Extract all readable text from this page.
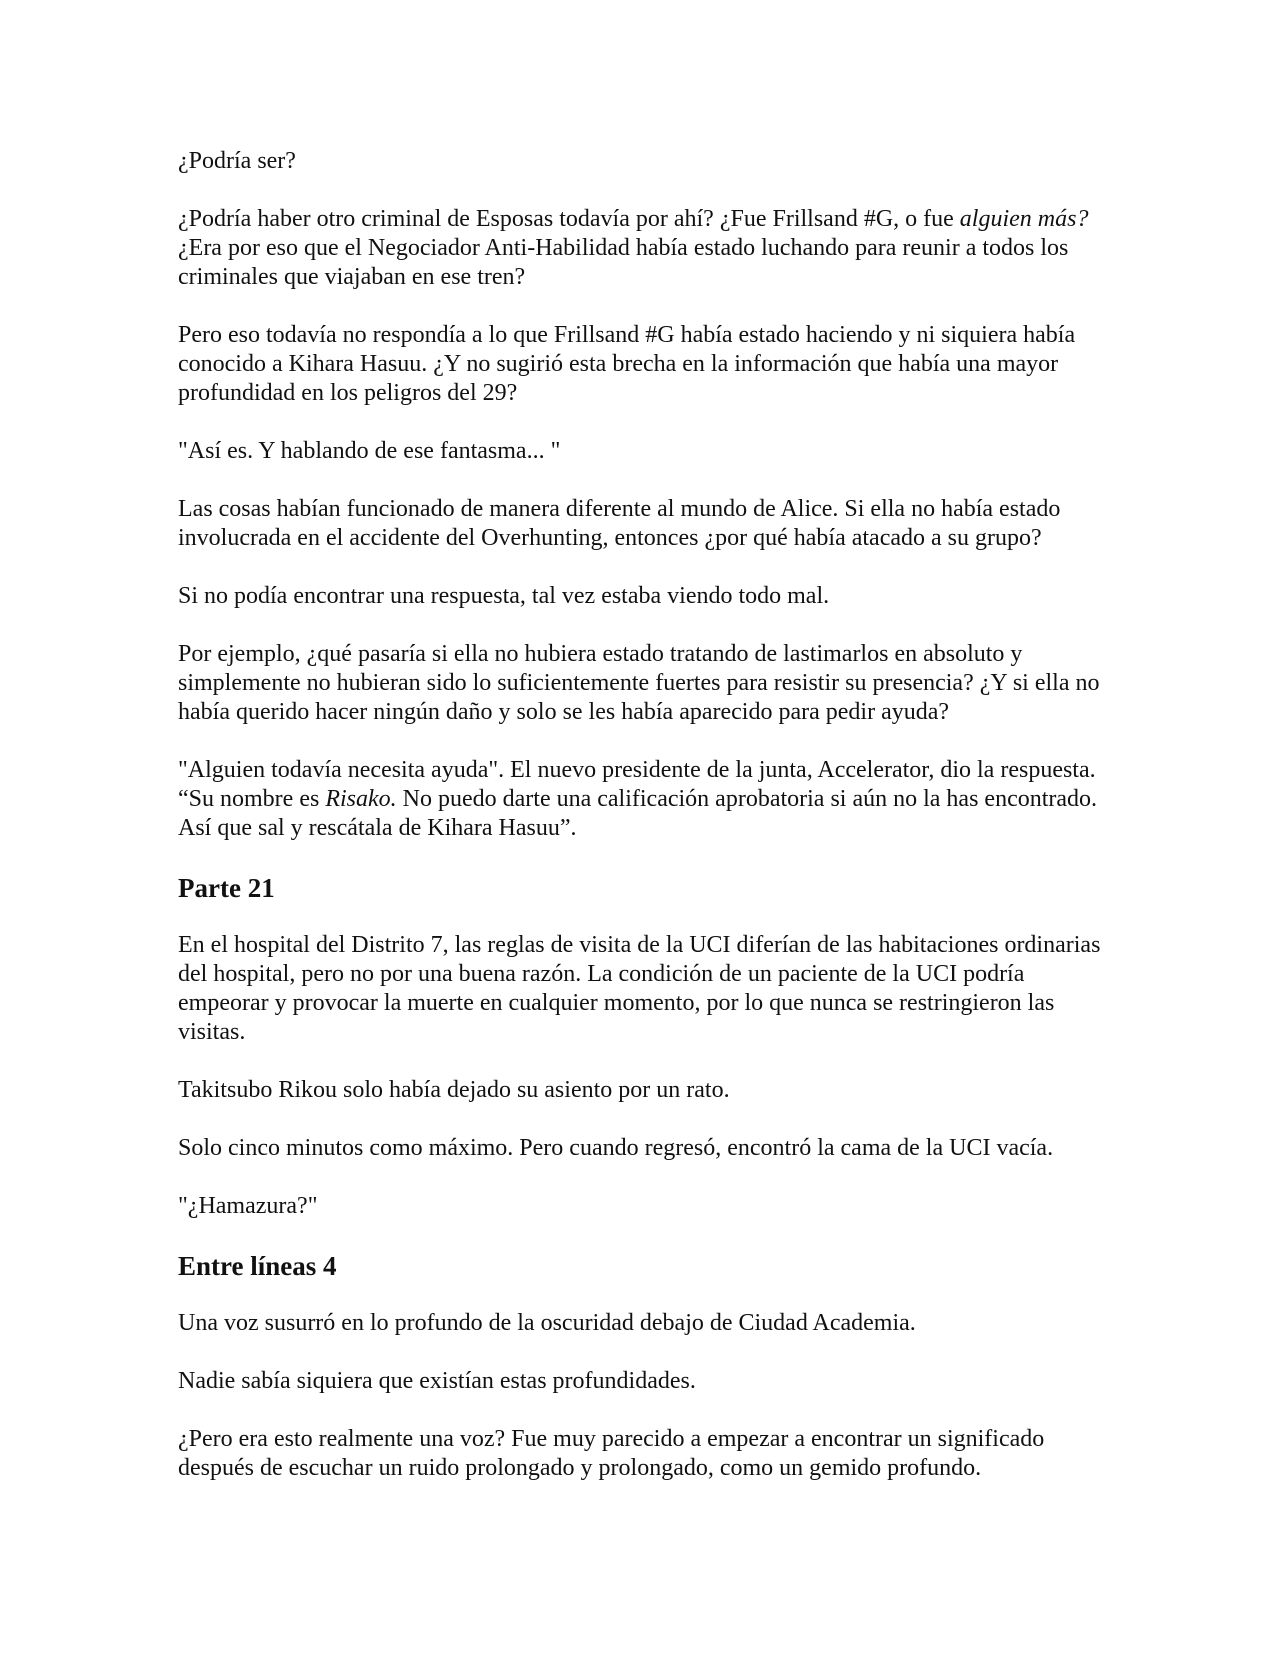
¿Podría ser?

¿Podría haber otro criminal de Esposas todavía por ahí? ¿Fue Frillsand #G, o fue alguien más? ¿Era por eso que el Negociador Anti-Habilidad había estado luchando para reunir a todos los criminales que viajaban en ese tren?

Pero eso todavía no respondía a lo que Frillsand #G había estado haciendo y ni siquiera había conocido a Kihara Hasuu. ¿Y no sugirió esta brecha en la información que había una mayor profundidad en los peligros del 29?

"Así es. Y hablando de ese fantasma... "

Las cosas habían funcionado de manera diferente al mundo de Alice. Si ella no había estado involucrada en el accidente del Overhunting, entonces ¿por qué había atacado a su grupo?

Si no podía encontrar una respuesta, tal vez estaba viendo todo mal.

Por ejemplo, ¿qué pasaría si ella no hubiera estado tratando de lastimarlos en absoluto y simplemente no hubieran sido lo suficientemente fuertes para resistir su presencia? ¿Y si ella no había querido hacer ningún daño y solo se les había aparecido para pedir ayuda?

"Alguien todavía necesita ayuda". El nuevo presidente de la junta, Accelerator, dio la respuesta. “Su nombre es Risako. No puedo darte una calificación aprobatoria si aún no la has encontrado. Así que sal y rescátala de Kihara Hasuu”.

Parte 21

En el hospital del Distrito 7, las reglas de visita de la UCI diferían de las habitaciones ordinarias del hospital, pero no por una buena razón. La condición de un paciente de la UCI podría empeorar y provocar la muerte en cualquier momento, por lo que nunca se restringieron las visitas.

Takitsubo Rikou solo había dejado su asiento por un rato.

Solo cinco minutos como máximo. Pero cuando regresó, encontró la cama de la UCI vacía.

"¿Hamazura?"

Entre líneas 4

Una voz susurró en lo profundo de la oscuridad debajo de Ciudad Academia.

Nadie sabía siquiera que existían estas profundidades.

¿Pero era esto realmente una voz? Fue muy parecido a empezar a encontrar un significado después de escuchar un ruido prolongado y prolongado, como un gemido profundo.
